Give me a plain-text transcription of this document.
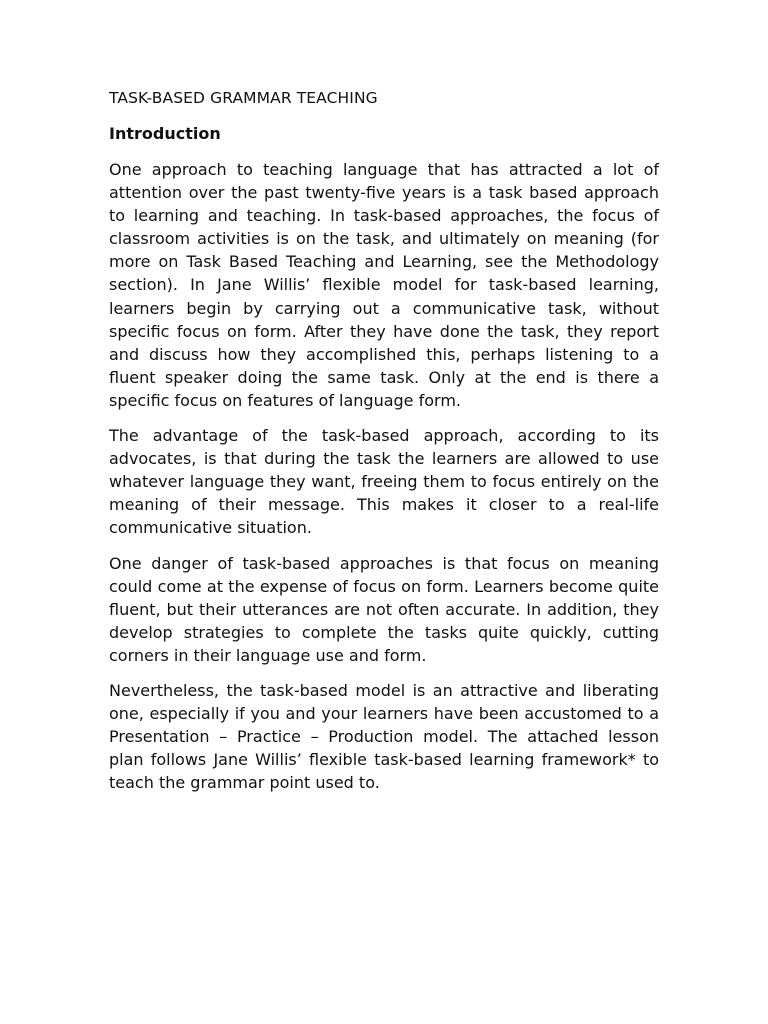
TASK-BASED GRAMMAR TEACHING
Introduction

One approach to teaching language that has attracted a lot of attention over the past twenty-five years is a task based approach to learning and teaching. In task-based approaches, the focus of classroom activities is on the task, and ultimately on meaning (for more on Task Based Teaching and Learning, see the Methodology section). In Jane Willis’ flexible model for task-based learning, learners begin by carrying out a communicative task, without specific focus on form. After they have done the task, they report and discuss how they accomplished this, perhaps listening to a fluent speaker doing the same task. Only at the end is there a specific focus on features of language form.

The advantage of the task-based approach, according to its advocates, is that during the task the learners are allowed to use whatever language they want, freeing them to focus entirely on the meaning of their message. This makes it closer to a real-life communicative situation.

One danger of task-based approaches is that focus on meaning could come at the expense of focus on form. Learners become quite fluent, but their utterances are not often accurate. In addition, they develop strategies to complete the tasks quite quickly, cutting corners in their language use and form.

Nevertheless, the task-based model is an attractive and liberating one, especially if you and your learners have been accustomed to a Presentation – Practice – Production model. The attached lesson plan follows Jane Willis’ flexible task-based learning framework* to teach the grammar point used to.
